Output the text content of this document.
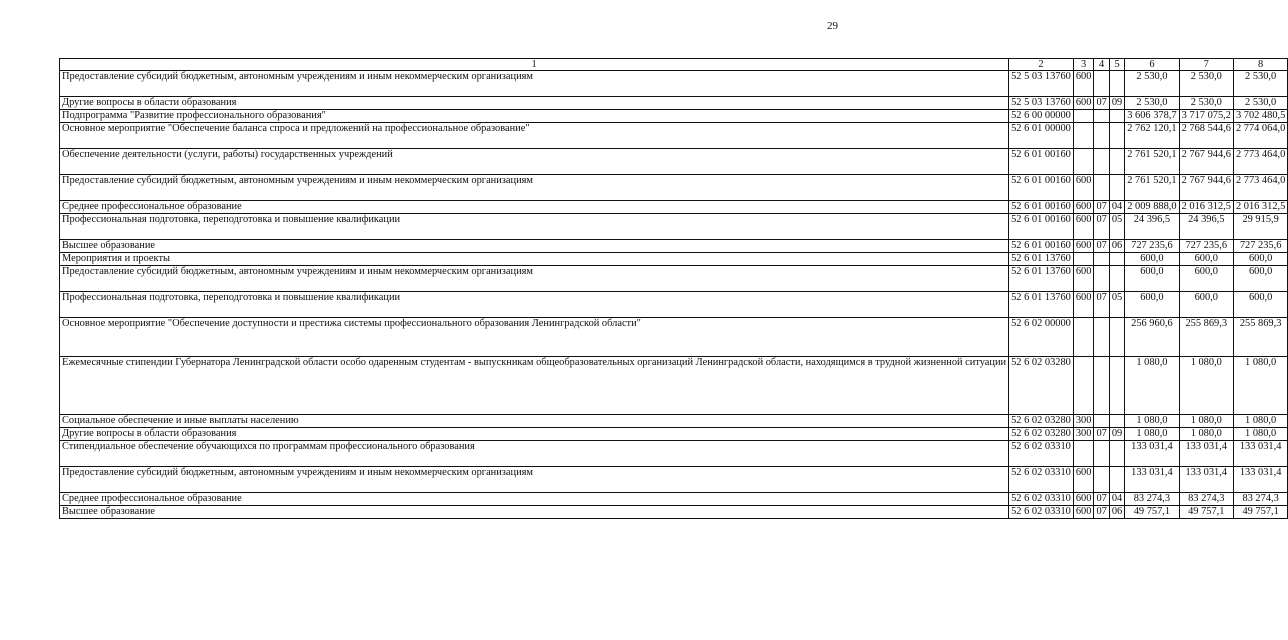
29
1	2	3	4	5	6	7	8
Предоставление субсидий бюджетным, автономным учреждениям и иным некоммерческим организациям	52 5 03 13760	600			2 530,0	2 530,0	2 530,0
Другие вопросы в области образования	52 5 03 13760	600	07	09	2 530,0	2 530,0	2 530,0
Подпрограмма "Развитие профессионального образования"	52 6 00 00000				3 606 378,7	3 717 075,2	3 702 480,5
Основное мероприятие "Обеспечение баланса спроса и предложений на профессиональное образование"	52 6 01 00000				2 762 120,1	2 768 544,6	2 774 064,0
Обеспечение деятельности (услуги, работы) государственных учреждений	52 6 01 00160				2 761 520,1	2 767 944,6	2 773 464,0
Предоставление субсидий бюджетным, автономным учреждениям и иным некоммерческим организациям	52 6 01 00160	600			2 761 520,1	2 767 944,6	2 773 464,0
Среднее профессиональное образование	52 6 01 00160	600	07	04	2 009 888,0	2 016 312,5	2 016 312,5
Профессиональная подготовка, переподготовка и повышение квалификации	52 6 01 00160	600	07	05	24 396,5	24 396,5	29 915,9
Высшее образование	52 6 01 00160	600	07	06	727 235,6	727 235,6	727 235,6
Мероприятия и проекты	52 6 01 13760				600,0	600,0	600,0
Предоставление субсидий бюджетным, автономным учреждениям и иным некоммерческим организациям	52 6 01 13760	600			600,0	600,0	600,0
Профессиональная подготовка, переподготовка и повышение квалификации	52 6 01 13760	600	07	05	600,0	600,0	600,0
Основное мероприятие "Обеспечение доступности и престижа системы профессионального образования Ленинградской области"	52 6 02 00000				256 960,6	255 869,3	255 869,3
Ежемесячные стипендии Губернатора Ленинградской области особо одаренным студентам - выпускникам общеобразовательных организаций Ленинградской области, находящимся в трудной жизненной ситуации	52 6 02 03280				1 080,0	1 080,0	1 080,0
Социальное обеспечение и иные выплаты населению	52 6 02 03280	300			1 080,0	1 080,0	1 080,0
Другие вопросы в области образования	52 6 02 03280	300	07	09	1 080,0	1 080,0	1 080,0
Стипендиальное обеспечение обучающихся по программам профессионального образования	52 6 02 03310				133 031,4	133 031,4	133 031,4
Предоставление субсидий бюджетным, автономным учреждениям и иным некоммерческим организациям	52 6 02 03310	600			133 031,4	133 031,4	133 031,4
Среднее профессиональное образование	52 6 02 03310	600	07	04	83 274,3	83 274,3	83 274,3
Высшее образование	52 6 02 03310	600	07	06	49 757,1	49 757,1	49 757,1
